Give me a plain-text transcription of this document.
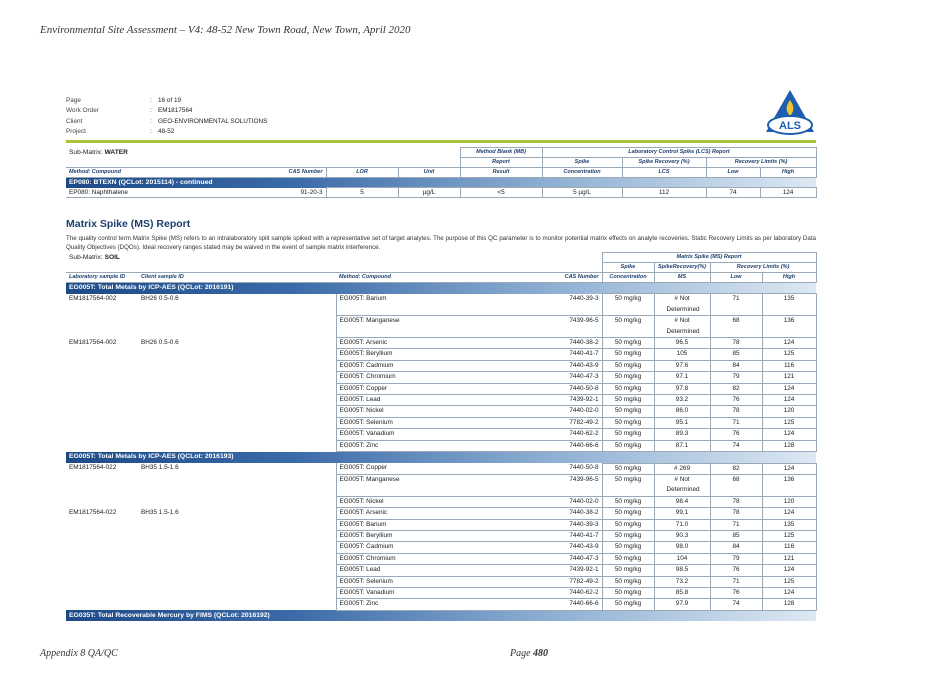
Environmental Site Assessment – V4: 48-52 New Town Road, New Town, April 2020
Page	: 16 of 19
Work Order	: EM1817564
Client	: GEO-ENVIRONMENTAL SOLUTIONS
Project	: 48-52	ALS
Sub-Matrix: WATER				Method Blank (MB)	Laboratory Control Spike (LCS) Report			
				Report	Spike	Spike Recovery (%)	Recovery Limits (%)	
Method: Compound	CAS Number	LOR	Unit	Result	Concentration	LCS	Low	High
EP080: BTEXN (QCLot: 2015114) - continued								
EP080: Naphthalene	91-20-3	5	µg/L	<5	5 µg/L	112	74	124
Matrix Spike (MS) Report
The quality control term Matrix Spike (MS) refers to an intralaboratory split sample spiked with a representative set of target analytes. The purpose of this QC parameter is to monitor potential matrix effects on analyte recoveries. Static Recovery Limits as per laboratory Data Quality Objectives (DQOs). Ideal recovery ranges stated may be waived in the event of sample matrix interference.
Sub-Matrix: SOIL				Matrix Spike (MS) Report			
				Spike	SpikeRecovery(%)	Recovery Limits (%)	
Laboratory sample ID	Client sample ID	Method: Compound	CAS Number	Concentration	MS	Low	High
EG005T: Total Metals by ICP-AES (QCLot: 2016191)							
EM1817564-002	BH26 0.5-0.6	EG005T: Barium	7440-39-3	50 mg/kg	# Not Determined	71	135
		EG005T: Manganese	7439-96-5	50 mg/kg	# Not Determined	68	136
EM1817564-002	BH26 0.5-0.6	EG005T: Arsenic	7440-38-2	50 mg/kg	96.5	78	124
		EG005T: Beryllium	7440-41-7	50 mg/kg	105	85	125
		EG005T: Cadmium	7440-43-9	50 mg/kg	97.6	84	116
		EG005T: Chromium	7440-47-3	50 mg/kg	97.1	79	121
		EG005T: Copper	7440-50-8	50 mg/kg	97.8	82	124
		EG005T: Lead	7439-92-1	50 mg/kg	93.2	76	124
		EG005T: Nickel	7440-02-0	50 mg/kg	86.0	78	120
		EG005T: Selenium	7782-49-2	50 mg/kg	95.1	71	125
		EG005T: Vanadium	7440-62-2	50 mg/kg	89.3	76	124
		EG005T: Zinc	7440-66-6	50 mg/kg	87.1	74	128
EG005T: Total Metals by ICP-AES (QCLot: 2016193)							
EM1817564-022	BH35 1.5-1.6	EG005T: Copper	7440-50-8	50 mg/kg	# 269	82	124
		EG005T: Manganese	7439-96-5	50 mg/kg	# Not Determined	68	136
		EG005T: Nickel	7440-02-0	50 mg/kg	98.4	78	120
EM1817564-022	BH35 1.5-1.6	EG005T: Arsenic	7440-38-2	50 mg/kg	99.1	78	124
		EG005T: Barium	7440-39-3	50 mg/kg	71.0	71	135
		EG005T: Beryllium	7440-41-7	50 mg/kg	90.3	85	125
		EG005T: Cadmium	7440-43-9	50 mg/kg	98.0	84	116
		EG005T: Chromium	7440-47-3	50 mg/kg	104	79	121
		EG005T: Lead	7439-92-1	50 mg/kg	98.5	76	124
		EG005T: Selenium	7782-49-2	50 mg/kg	73.2	71	125
		EG005T: Vanadium	7440-62-2	50 mg/kg	85.8	76	124
		EG005T: Zinc	7440-66-6	50 mg/kg	97.9	74	128
EG035T: Total Recoverable Mercury by FIMS (QCLot: 2016192)							
Appendix 8 QA/QC	Page 480
